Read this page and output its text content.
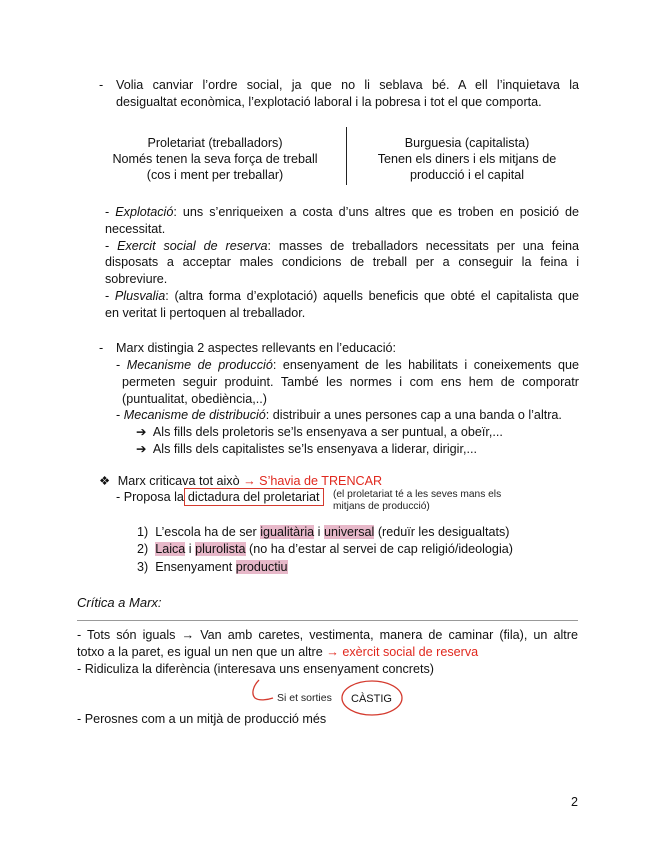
- Volia canviar l’ordre social, ja que no li seblava bé. A ell l’inquietava la
desigualtat econòmica, l’explotació laboral i la pobresa i tot el que comporta.
Proletariat (treballadors)
Només tenen la seva força de treball
(cos i ment per treballar)
Burguesia (capitalista)
Tenen els diners i els mitjans de
producció i el capital
- Explotació: uns s’enriqueixen a costa d’uns altres que es troben en posició de
necessitat.
- Exercit social de reserva: masses de treballadors necessitats per una feina
disposats a acceptar males condicions de treball per a conseguir la feina i
sobreviure.
- Plusvalia: (altra forma d’explotació) aquells beneficis que obté el capitalista que
en veritat li pertoquen al treballador.
- Marx distingia 2 aspectes rellevants en l’educació:
- Mecanisme de producció: ensenyament de les habilitats i coneixements que
permeten seguir produint. També les normes i com ens hem de comporatr
(puntualitat, obediència,..)
- Mecanisme de distribució: distribuir a unes persones cap a una banda o l’altra.
➔ Als fills dels proletoris se’ls ensenyava a ser puntual, a obeïr,...
➔ Als fills dels capitalistes se’ls ensenyava a liderar, dirigir,...
❖ Marx criticava tot això → S’havia de TRENCAR
- Proposa la dictadura del proletariat	(el proletariat té a les seves mans els
mitjans de producció)
1) L’escola ha de ser igualitària i universal (reduïr les desigualtats)
2) Laica i plurolista (no ha d’estar al servei de cap religió/ideologia)
3) Ensenyament productiu
Crítica a Marx:
- Tots són iguals → Van amb caretes, vestimenta, manera de caminar (fila), un altre
totxo a la paret, es igual un nen que un altre → exèrcit social de reserva
- Ridiculiza la diferència (interesava uns ensenyament concrets)
Si et sorties CÀSTIG
- Perosnes com a un mitjà de producció més
2
